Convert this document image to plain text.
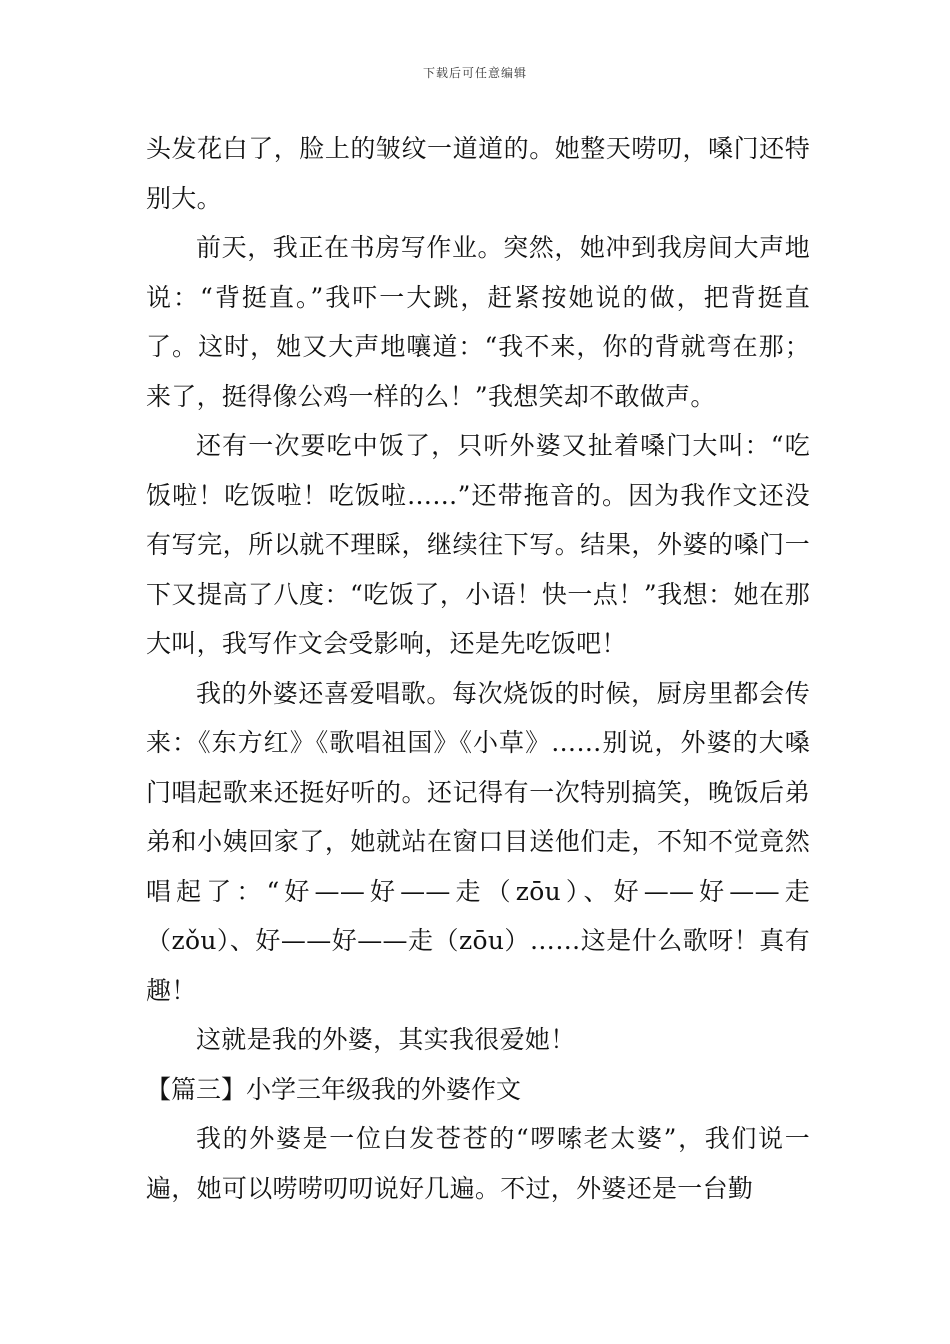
下载后可任意编辑

头发花白了，脸上的皱纹一道道的。她整天唠叨，嗓门还特别大。

前天，我正在书房写作业。突然，她冲到我房间大声地说：“背挺直。”我吓一大跳，赶紧按她说的做，把背挺直了。这时，她又大声地嚷道：“我不来，你的背就弯在那；来了，挺得像公鸡一样的么！”我想笑却不敢做声。

还有一次要吃中饭了，只听外婆又扯着嗓门大叫：“吃饭啦！吃饭啦！吃饭啦……”还带拖音的。因为我作文还没有写完，所以就不理睬，继续往下写。结果，外婆的嗓门一下又提高了八度：“吃饭了，小语！快一点！”我想：她在那大叫，我写作文会受影响，还是先吃饭吧！

我的外婆还喜爱唱歌。每次烧饭的时候，厨房里都会传来：《东方红》《歌唱祖国》《小草》……别说，外婆的大嗓门唱起歌来还挺好听的。还记得有一次特别搞笑，晚饭后弟弟和小姨回家了，她就站在窗口目送他们走，不知不觉竟然唱起了：“好——好——走（zōu）、好——好——走（zǒu）、好——好——走（zōu）……这是什么歌呀！真有趣！

这就是我的外婆，其实我很爱她！

【篇三】小学三年级我的外婆作文

我的外婆是一位白发苍苍的“啰嗦老太婆”，我们说一遍，她可以唠唠叨叨说好几遍。不过，外婆还是一台勤
